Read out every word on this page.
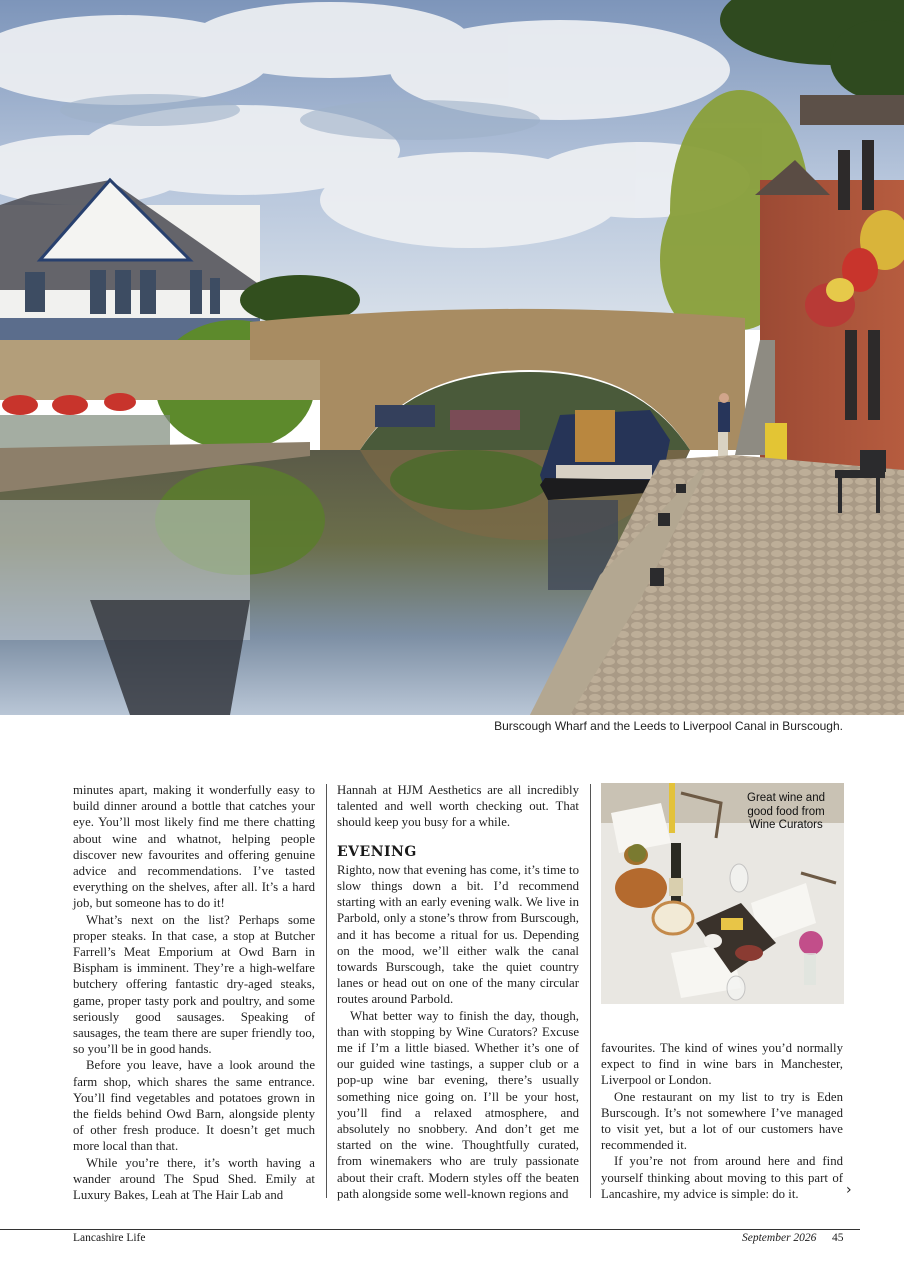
Burscough Wharf and the Leeds to Liverpool Canal in Burscough.

minutes apart, making it wonderfully easy to build dinner around a bottle that catches your eye. You’ll most likely find me there chatting about wine and whatnot, helping people discover new favourites and offering genuine advice and recommendations. I’ve tasted everything on the shelves, after all. It’s a hard job, but someone has to do it!

What’s next on the list? Perhaps some proper steaks. In that case, a stop at Butcher Farrell’s Meat Emporium at Owd Barn in Bispham is imminent. They’re a high-welfare butchery offering fantastic dry-aged steaks, game, proper tasty pork and poultry, and some seriously good sausages. Speaking of sausages, the team there are super friendly too, so you’ll be in good hands.

Before you leave, have a look around the farm shop, which shares the same entrance. You’ll find vegetables and potatoes grown in the fields behind Owd Barn, alongside plenty of other fresh produce. It doesn’t get much more local than that.

While you’re there, it’s worth having a wander around The Spud Shed. Emily at Luxury Bakes, Leah at The Hair Lab and

Hannah at HJM Aesthetics are all incredibly talented and well worth checking out. That should keep you busy for a while.

EVENING

Righto, now that evening has come, it’s time to slow things down a bit. I’d recommend starting with an early evening walk. We live in Parbold, only a stone’s throw from Burscough, and it has become a ritual for us. Depending on the mood, we’ll either walk the canal towards Burscough, take the quiet country lanes or head out on one of the many circular routes around Parbold.

What better way to finish the day, though, than with stopping by Wine Curators? Excuse me if I’m a little biased. Whether it’s one of our guided wine tastings, a supper club or a pop-up wine bar evening, there’s usually something nice going on. I’ll be your host, you’ll find a relaxed atmosphere, and absolutely no snobbery. And don’t get me started on the wine. Thoughtfully curated, from winemakers who are truly passionate about their craft. Modern styles off the beaten path alongside some well-known regions and

Great wine and good food from Wine Curators

favourites. The kind of wines you’d normally expect to find in wine bars in Manchester, Liverpool or London.

One restaurant on my list to try is Eden Burscough. It’s not somewhere I’ve managed to visit yet, but a lot of our customers have recommended it.

If you’re not from around here and find yourself thinking about moving to this part of Lancashire, my advice is simple: do it.	›
Lancashire Life	September 2026 45
